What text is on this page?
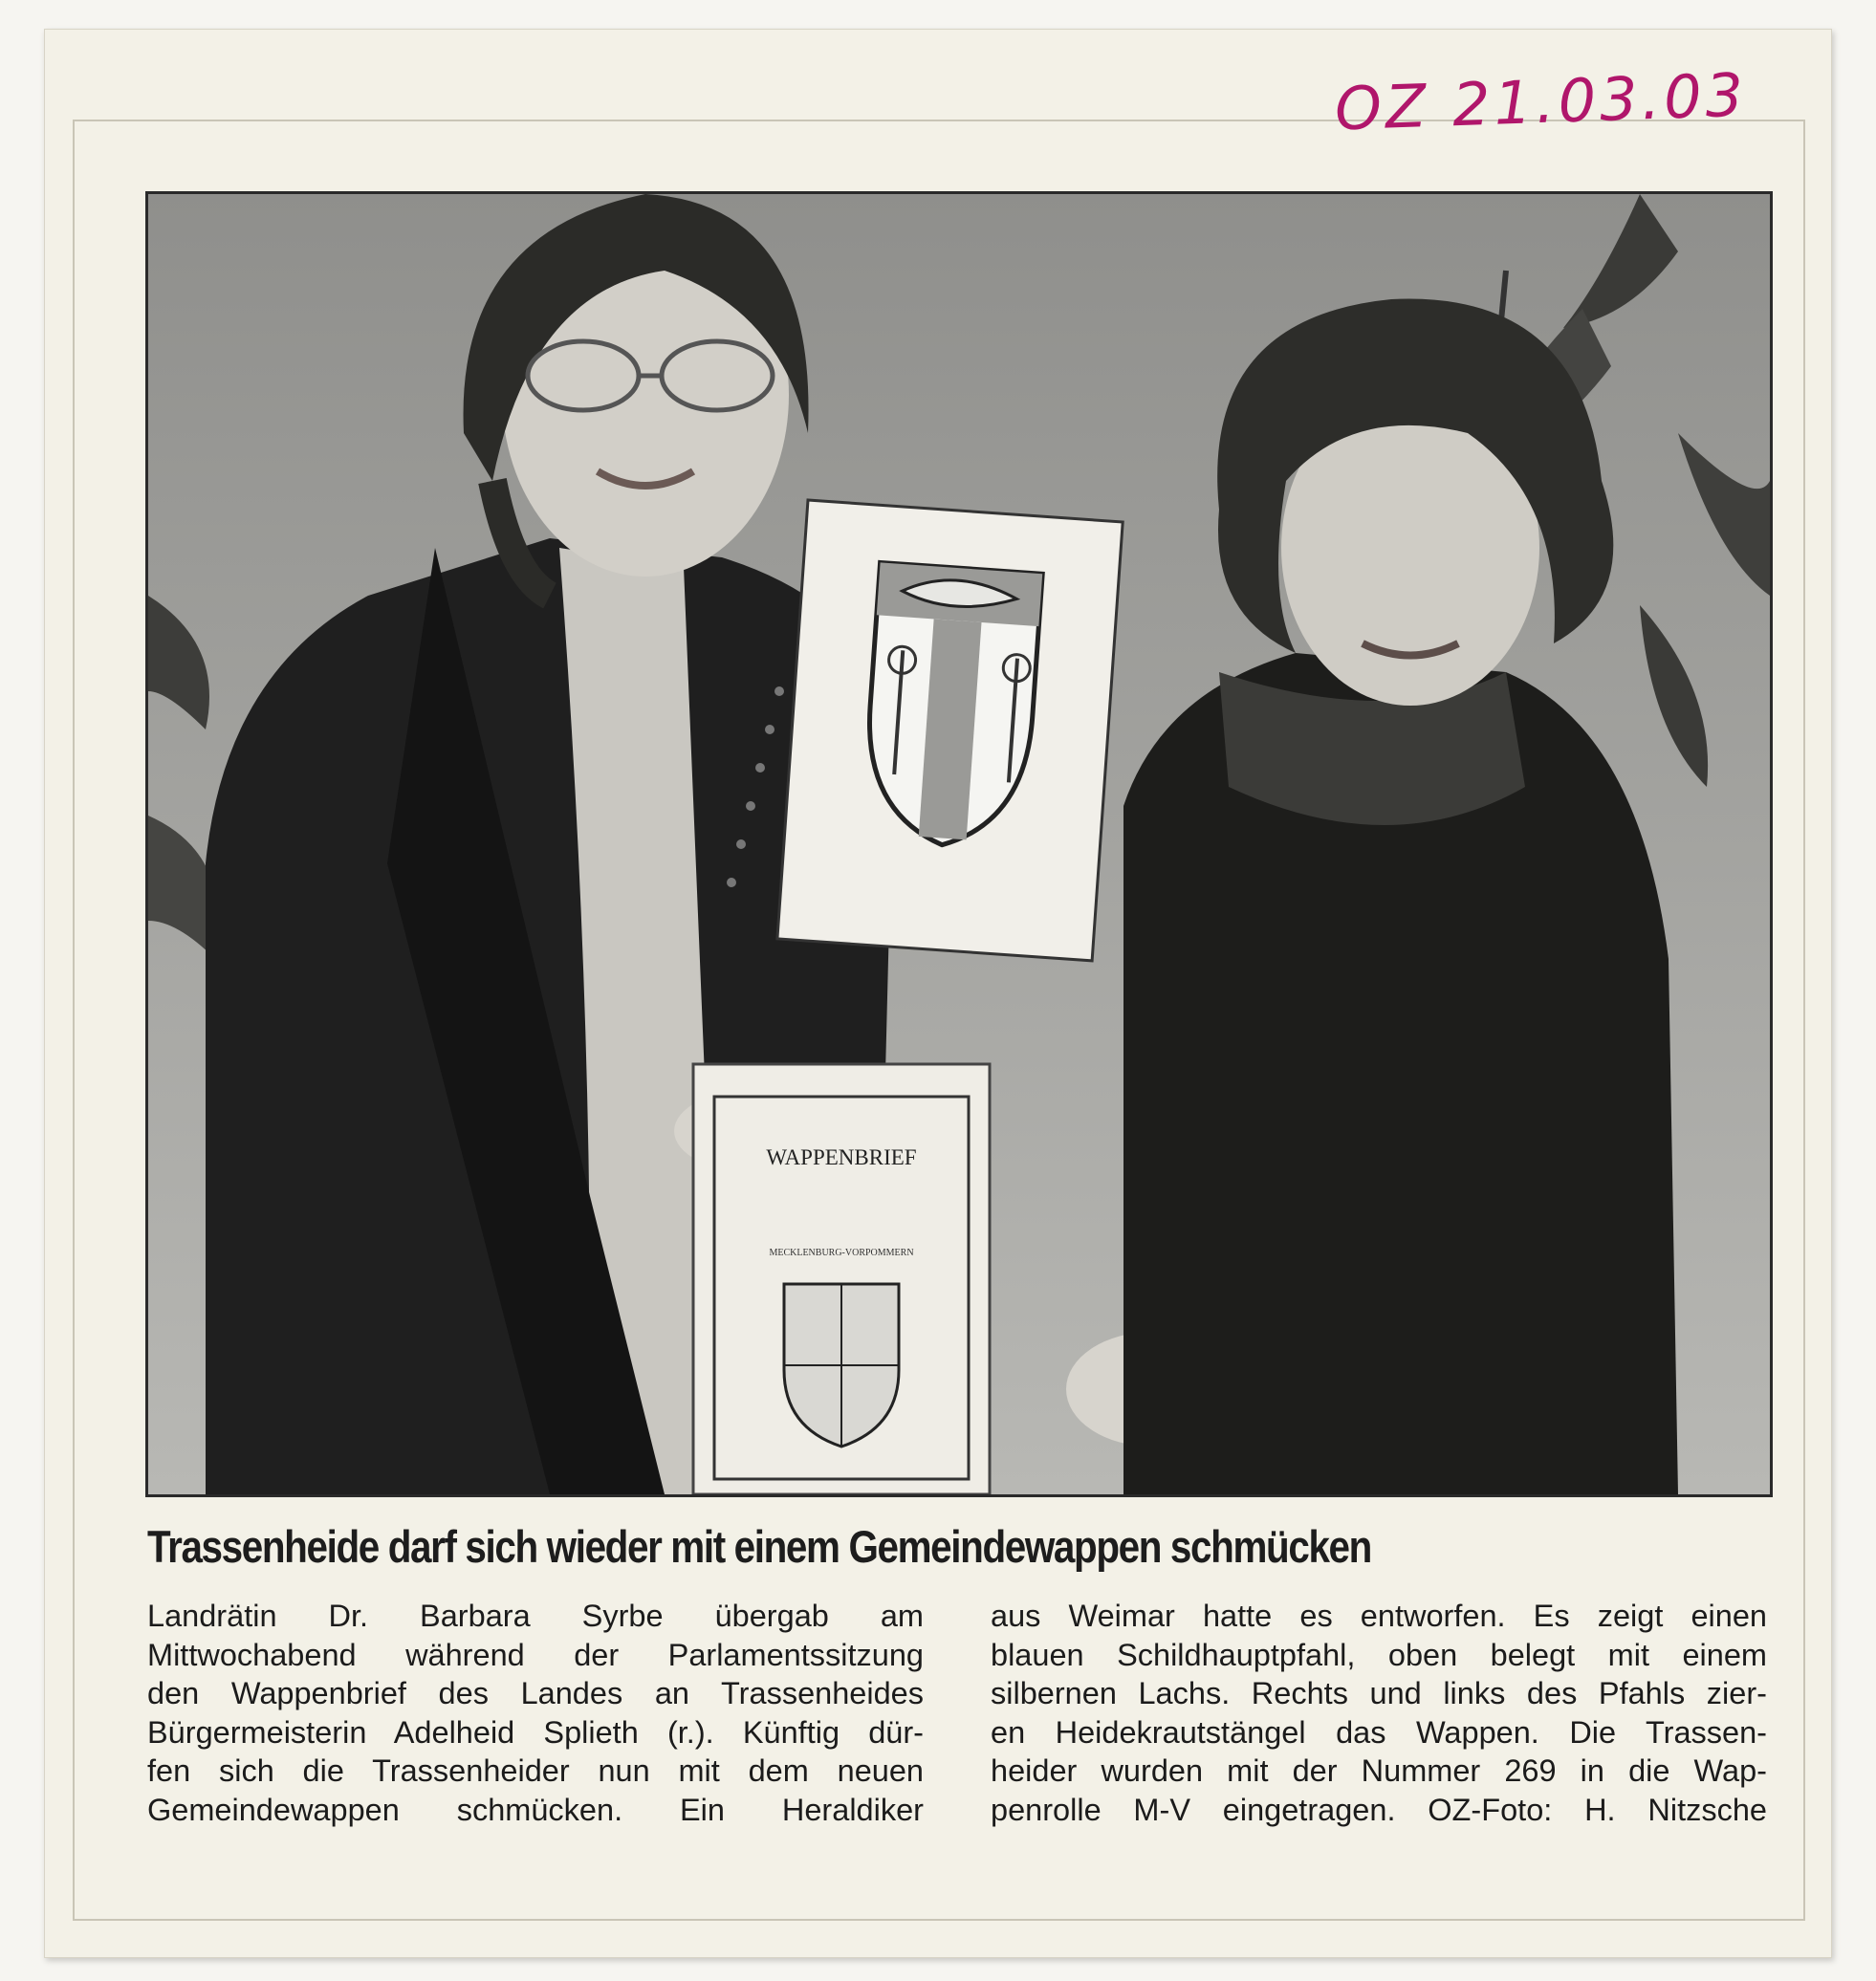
OZ 21.03.03
WAPPENBRIEF
MECKLENBURG-VORPOMMERN
Trassenheide darf sich wieder mit einem Gemeindewappen schmücken
Landrätin Dr. Barbara Syrbe übergab am
Mittwochabend während der Parlamentssitzung
den Wappenbrief des Landes an Trassenheides
Bürgermeisterin Adelheid Splieth (r.). Künftig dür-
fen sich die Trassenheider nun mit dem neuen
Gemeindewappen schmücken. Ein Heraldiker
aus Weimar hatte es entworfen. Es zeigt einen
blauen Schildhauptpfahl, oben belegt mit einem
silbernen Lachs. Rechts und links des Pfahls zier-
en Heidekrautstängel das Wappen. Die Trassen-
heider wurden mit der Nummer 269 in die Wap-
penrolle M-V eingetragen. OZ-Foto: H. Nitzsche
